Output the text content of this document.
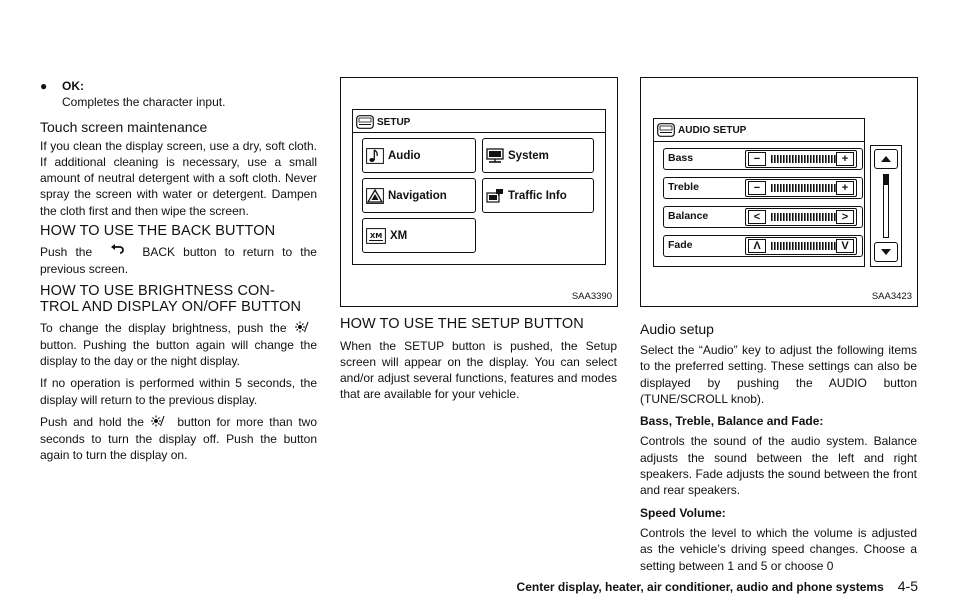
●	OK:
Completes the character input.
Touch screen maintenance

If you clean the display screen, use a dry, soft cloth. If additional cleaning is necessary, use a small amount of neutral detergent with a soft cloth. Never spray the screen with water or detergent. Dampen the cloth first and then wipe the screen.

HOW TO USE THE BACK BUTTON

Push the	BACK button to return to the previous screen.

HOW TO USE BRIGHTNESS CON-
TROL AND DISPLAY ON/OFF BUTTON

To change the display brightness, push the  button. Pushing the button again will change the display to the day or the night display.

If no operation is performed within 5 seconds, the display will return to the previous display.

Push and hold the	button for more than two seconds to turn the display off. Push the button again to turn the display on.

SETUP
Audio	System
Navigation	Traffic Info
XM XM
SAA3390
HOW TO USE THE SETUP BUTTON

When the SETUP button is pushed, the Setup screen will appear on the display. You can select and/or adjust several functions, features and modes that are available for your vehicle.

AUDIO SETUP
Bass	−	+
Treble	−	+
Balance	<	>
Fade	Λ	V
SAA3423
Audio setup

Select the “Audio” key to adjust the following items to the preferred setting. These settings can also be displayed by pushing the AUDIO button (TUNE/SCROLL knob).

Bass, Treble, Balance and Fade:

Controls the sound of the audio system. Balance adjusts the sound between the left and right speakers. Fade adjusts the sound between the front and rear speakers.

Speed Volume:

Controls the level to which the volume is adjusted as the vehicle’s driving speed changes. Choose a setting between 1 and 5 or choose 0

Center display, heater, air conditioner, audio and phone systems 4-5
